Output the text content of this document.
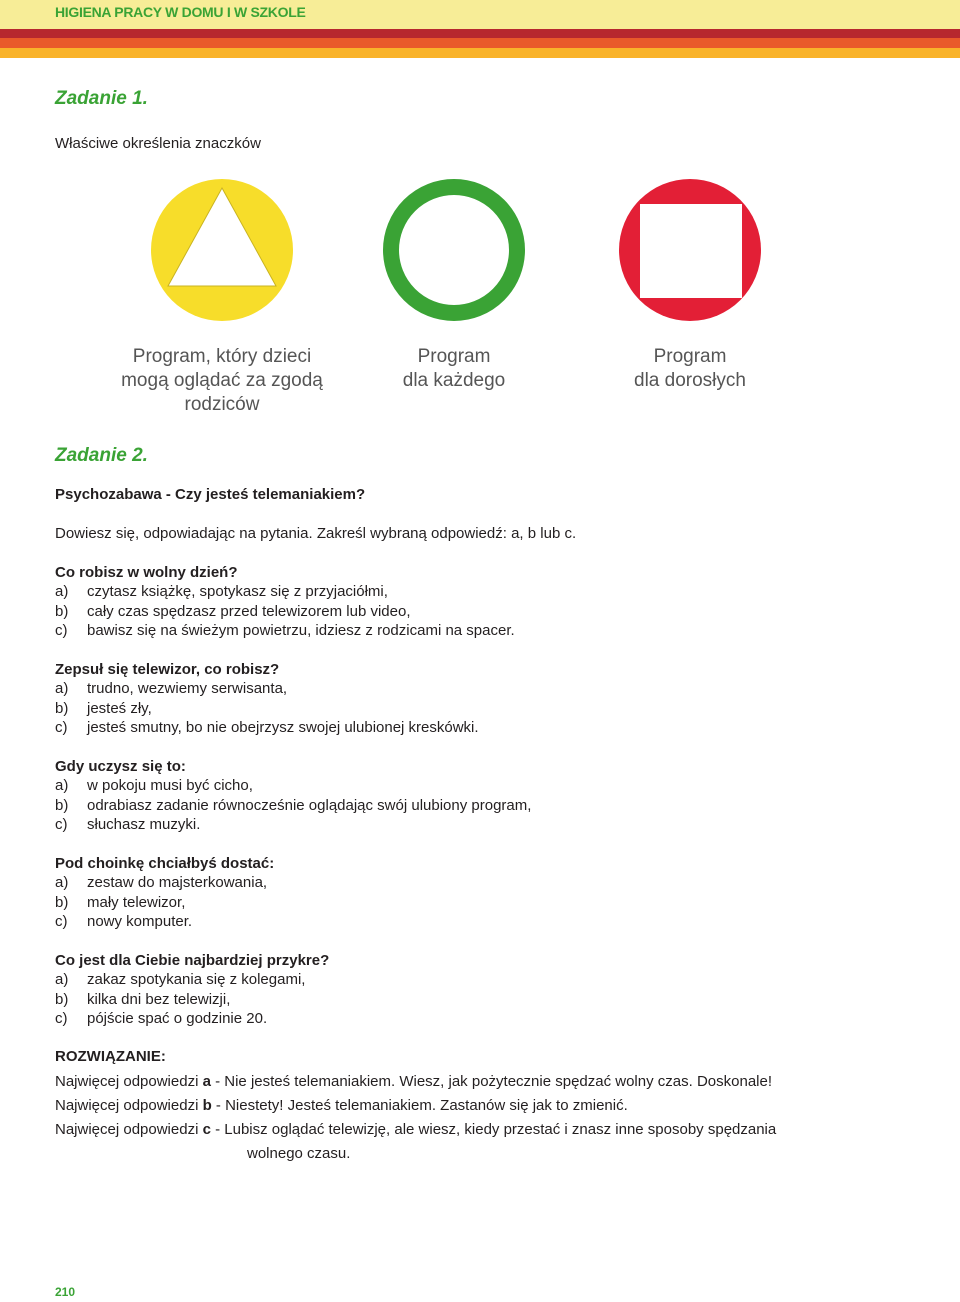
HIGIENA PRACY W DOMU I W SZKOLE
Zadanie 1.
Właściwe określenia znaczków
Program, który dzieci
mogą oglądać za zgodą
rodziców
Program
dla każdego
Program
dla dorosłych
Zadanie 2.
Psychozabawa - Czy jesteś telemaniakiem?
Dowiesz się, odpowiadając na pytania. Zakreśl wybraną odpowiedź: a, b lub c.
Co robisz w wolny dzień?
a) czytasz książkę, spotykasz się z przyjaciółmi,
b) cały czas spędzasz przed telewizorem lub video,
c) bawisz się na świeżym powietrzu, idziesz z rodzicami na spacer.
Zepsuł się telewizor, co robisz?
a) trudno, wezwiemy serwisanta,
b) jesteś zły,
c) jesteś smutny, bo nie obejrzysz swojej ulubionej kreskówki.
Gdy uczysz się to:
a) w pokoju musi być cicho,
b) odrabiasz zadanie równocześnie oglądając swój ulubiony program,
c) słuchasz muzyki.
Pod choinkę chciałbyś dostać:
a) zestaw do majsterkowania,
b) mały telewizor,
c) nowy komputer.
Co jest dla Ciebie najbardziej przykre?
a) zakaz spotykania się z kolegami,
b) kilka dni bez telewizji,
c) pójście spać o godzinie 20.
ROZWIĄZANIE:
Najwięcej odpowiedzi a - Nie jesteś telemaniakiem. Wiesz, jak pożytecznie spędzać wolny czas. Doskonale!
Najwięcej odpowiedzi b - Niestety! Jesteś telemaniakiem. Zastanów się jak to zmienić.
Najwięcej odpowiedzi c - Lubisz oglądać telewizję, ale wiesz, kiedy przestać i znasz inne sposoby spędzania
wolnego czasu.
210
